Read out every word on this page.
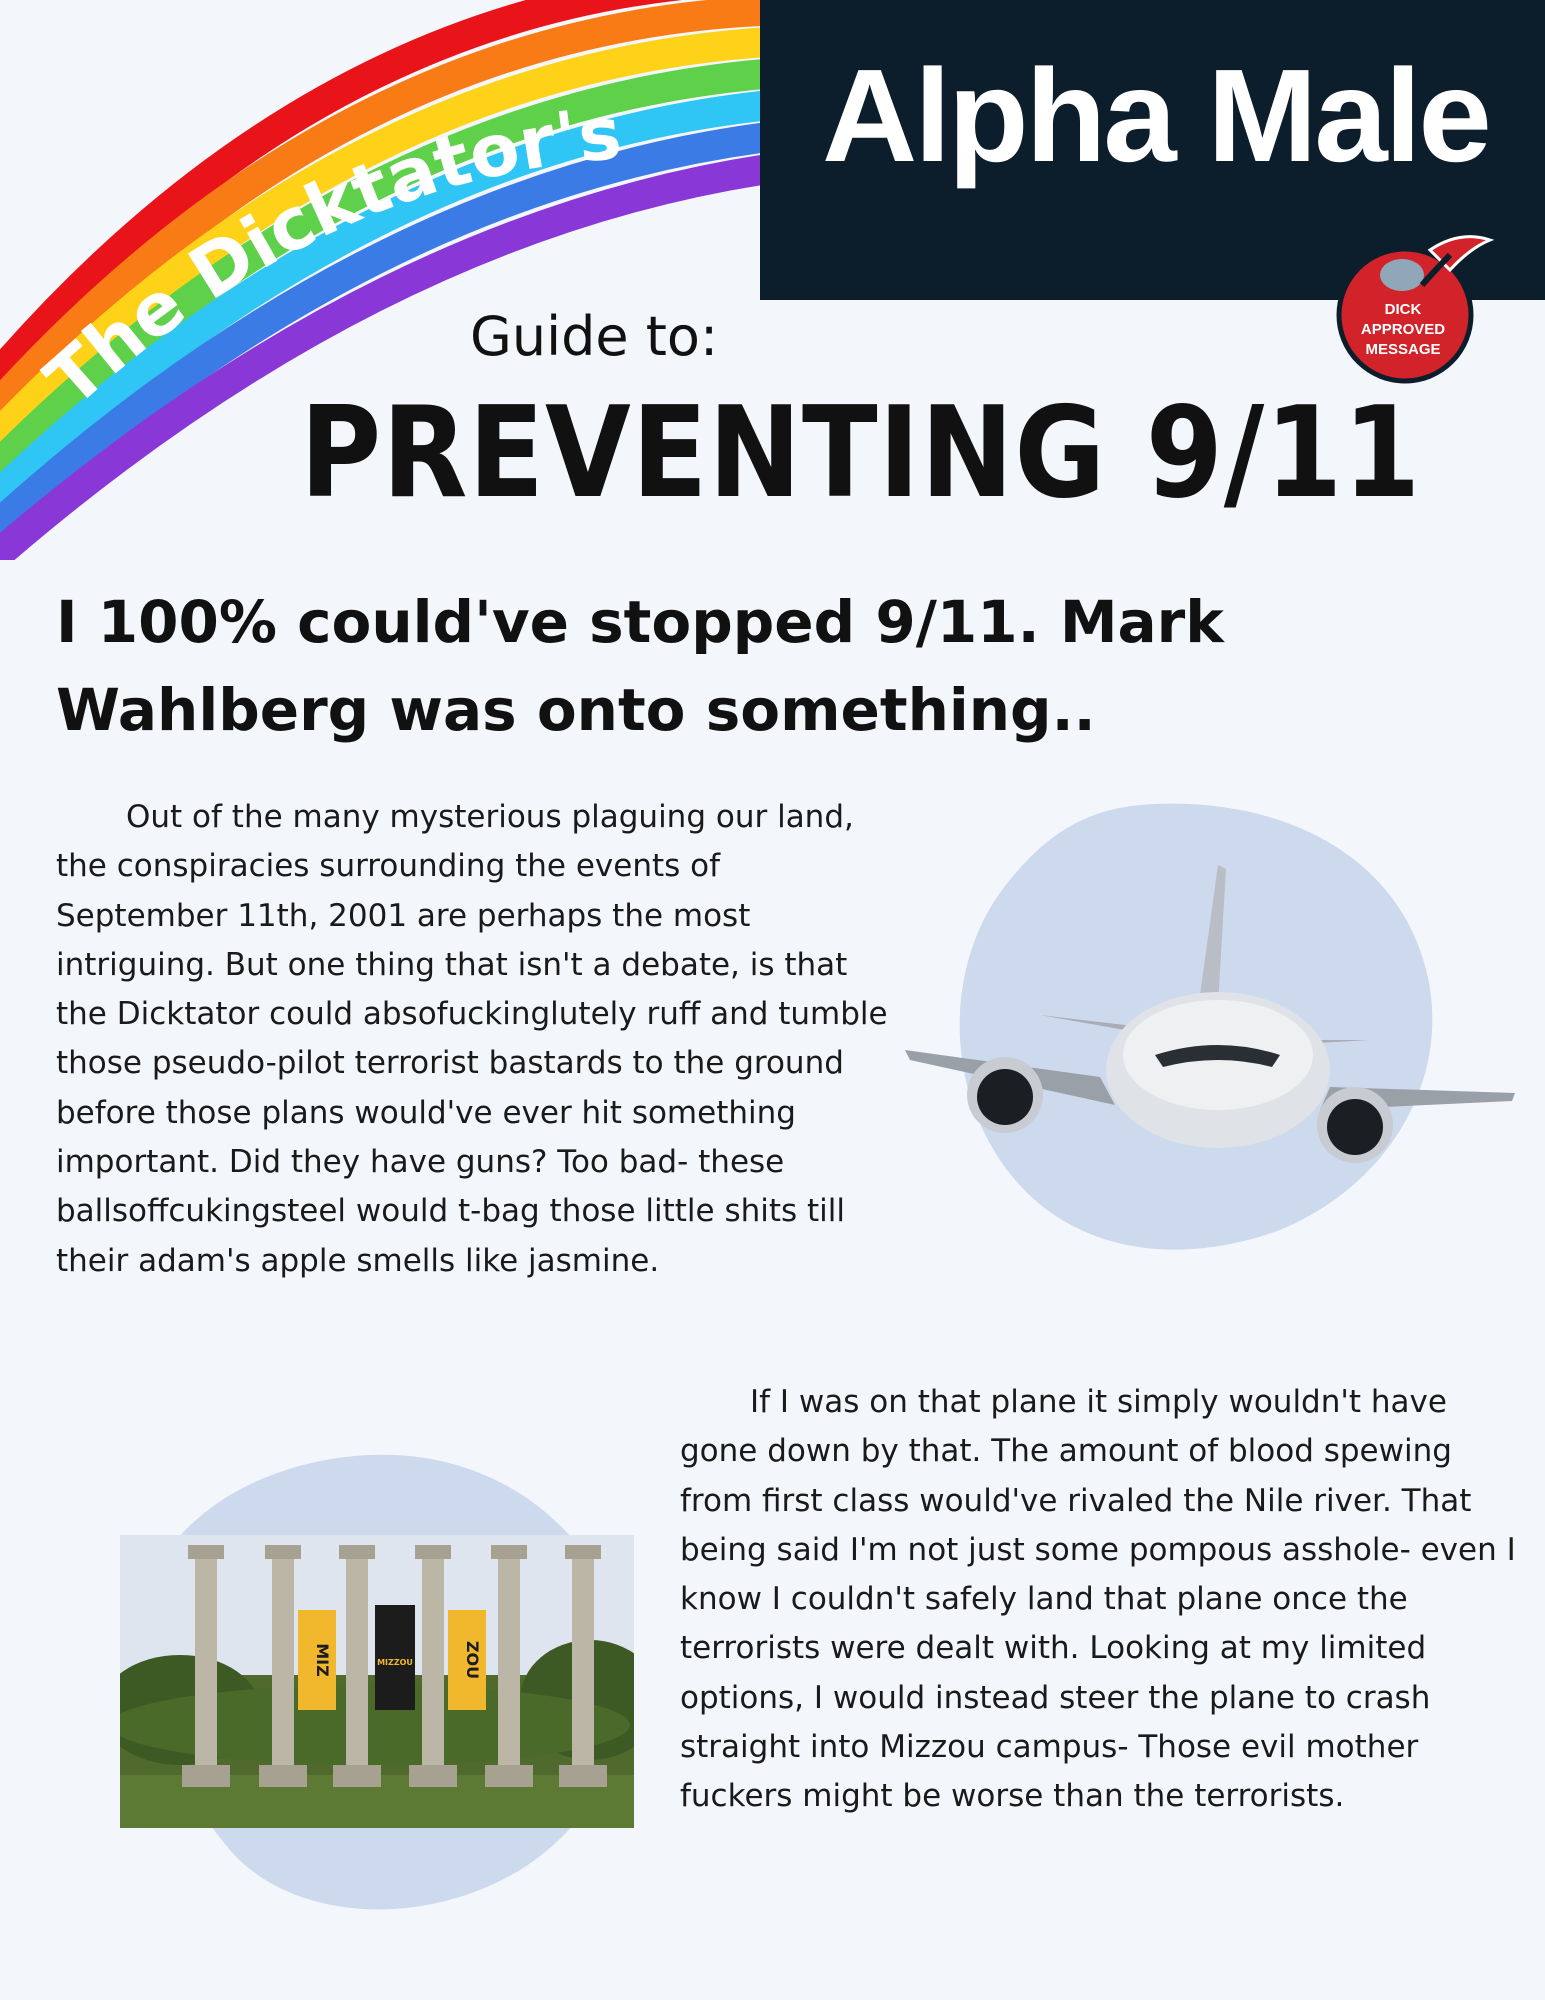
The Dicktator's Alpha Male
DICK
APPROVED
MESSAGE
Guide to:
PREVENTING 9/11
I 100% could've stopped 9/11. Mark Wahlberg was onto something..

Out of the many mysterious plaguing our land, the conspiracies surrounding the events of September 11th, 2001 are perhaps the most intriguing. But one thing that isn't a debate, is that the Dicktator could absofuckinglutely ruff and tumble those pseudo-pilot terrorist bastards to the ground before those plans would've ever hit something important. Did they have guns? Too bad- these ballsoffcukingsteel would t-bag those little shits till their adam's apple smells like jasmine.

MIZ	MIZZOU	ZOU

If I was on that plane it simply wouldn't have gone down by that. The amount of blood spewing from first class would've rivaled the Nile river. That being said I'm not just some pompous asshole- even I know I couldn't safely land that plane once the terrorists were dealt with. Looking at my limited options, I would instead steer the plane to crash straight into Mizzou campus- Those evil mother fuckers might be worse than the terrorists.
